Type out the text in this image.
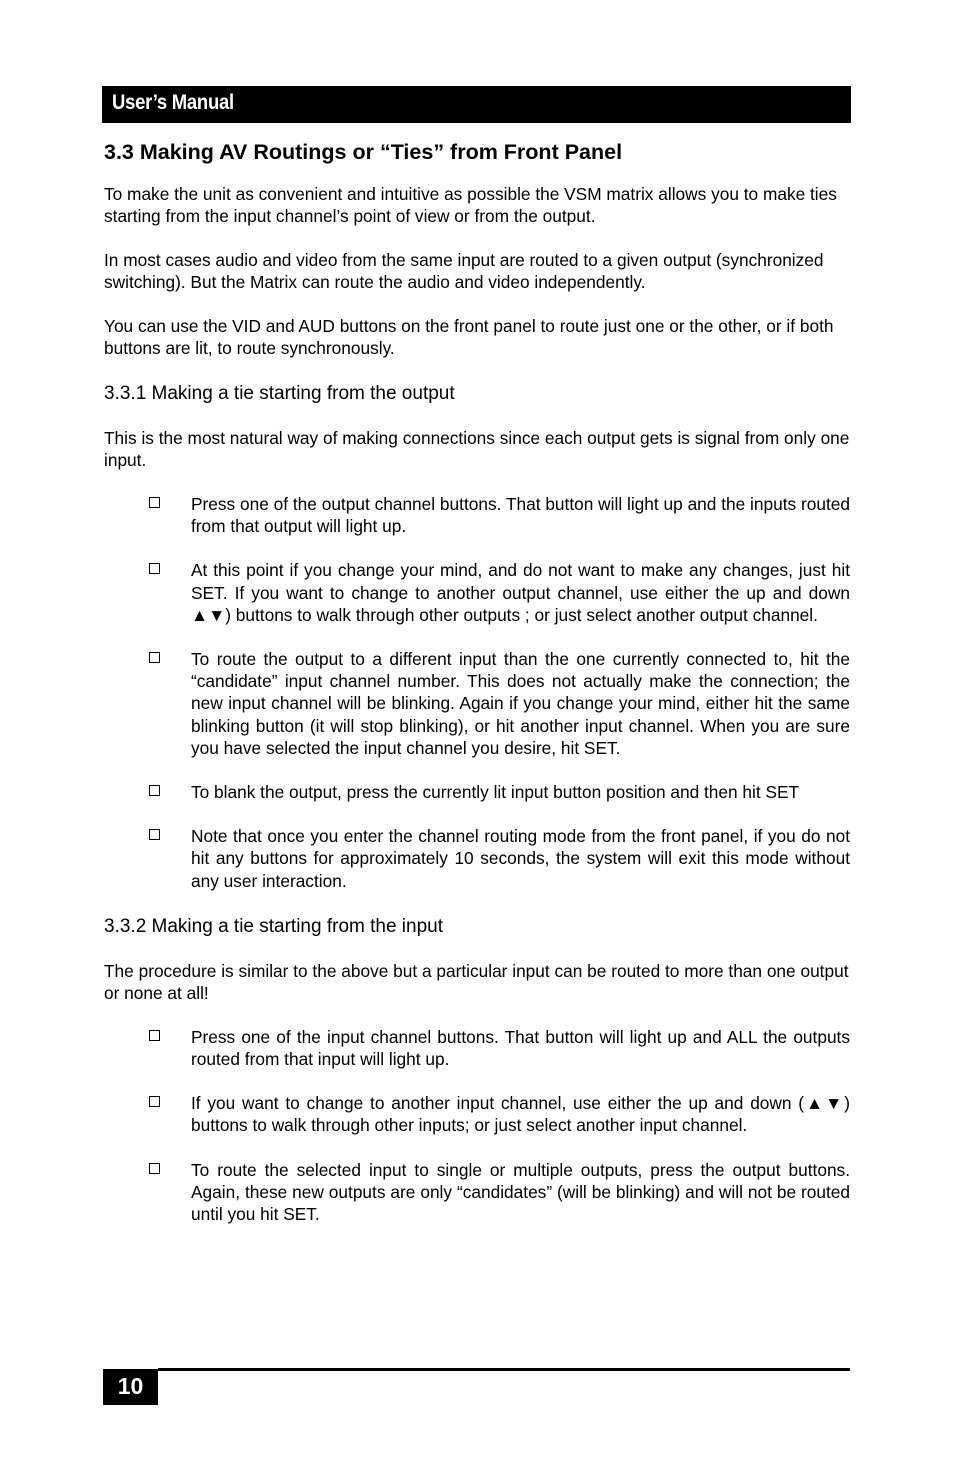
User’s Manual
3.3 Making AV Routings or “Ties” from Front Panel

To make the unit as convenient and intuitive as possible the VSM matrix allows you to make ties starting from the input channel’s point of view or from the output.

In most cases audio and video from the same input are routed to a given output (synchronized switching). But the Matrix can route the audio and video independently.

You can use the VID and AUD buttons on the front panel to route just one or the other, or if both buttons are lit, to route synchronously.

3.3.1 Making a tie starting from the output

This is the most natural way of making connections since each output gets is signal from only one input.

Press one of the output channel buttons. That button will light up and the inputs routed from that output will light up.
At this point if you change your mind, and do not want to make any changes, just hit SET. If you want to change to another output channel, use either the up and down ▲▼) buttons to walk through other outputs ; or just select another output channel.
To route the output to a different input than the one currently connected to, hit the “candidate” input channel number. This does not actually make the connection; the new input channel will be blinking. Again if you change your mind, either hit the same blinking button (it will stop blinking), or hit another input channel. When you are sure you have selected the input channel you desire, hit SET.
To blank the output, press the currently lit input button position and then hit SET
Note that once you enter the channel routing mode from the front panel, if you do not hit any buttons for approximately 10 seconds, the system will exit this mode without any user interaction.
3.3.2 Making a tie starting from the input

The procedure is similar to the above but a particular input can be routed to more than one output or none at all!

Press one of the input channel buttons. That button will light up and ALL the outputs routed from that input will light up.
If you want to change to another input channel, use either the up and down (▲▼) buttons to walk through other inputs; or just select another input channel.
To route the selected input to single or multiple outputs, press the output buttons. Again, these new outputs are only “candidates” (will be blinking) and will not be routed until you hit SET.
10
